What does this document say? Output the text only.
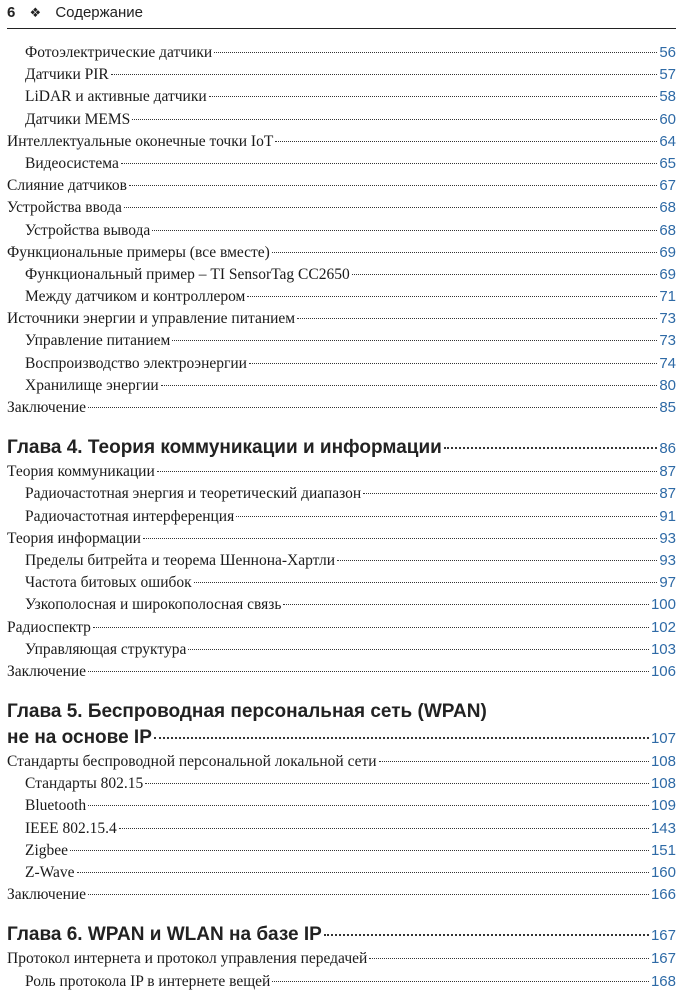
6 ❖ Содержание
Фотоэлектрические датчики	56
Датчики PIR	57
LiDAR и активные датчики	58
Датчики MEMS	60
Интеллектуальные оконечные точки IoT	64
Видеосистема	65
Слияние датчиков	67
Устройства ввода	68
Устройства вывода	68
Функциональные примеры (все вместе)	69
Функциональный пример – TI SensorTag CC2650	69
Между датчиком и контроллером	71
Источники энергии и управление питанием	73
Управление питанием	73
Воспроизводство электроэнергии	74
Хранилище энергии	80
Заключение	85
Глава 4. Теория коммуникации и информации	86
Теория коммуникации	87
Радиочастотная энергия и теоретический диапазон	87
Радиочастотная интерференция	91
Теория информации	93
Пределы битрейта и теорема Шеннона-Хартли	93
Частота битовых ошибок	97
Узкополосная и широкополосная связь	100
Радиоспектр	102
Управляющая структура	103
Заключение	106
Глава 5. Беспроводная персональная сеть (WPAN)
не на основе IP	107
Стандарты беспроводной персональной локальной сети	108
Стандарты 802.15	108
Bluetooth	109
IEEE 802.15.4	143
Zigbee	151
Z-Wave	160
Заключение	166
Глава 6. WPAN и WLAN на базе IP	167
Протокол интернета и протокол управления передачей	167
Роль протокола IP в интернете вещей	168
